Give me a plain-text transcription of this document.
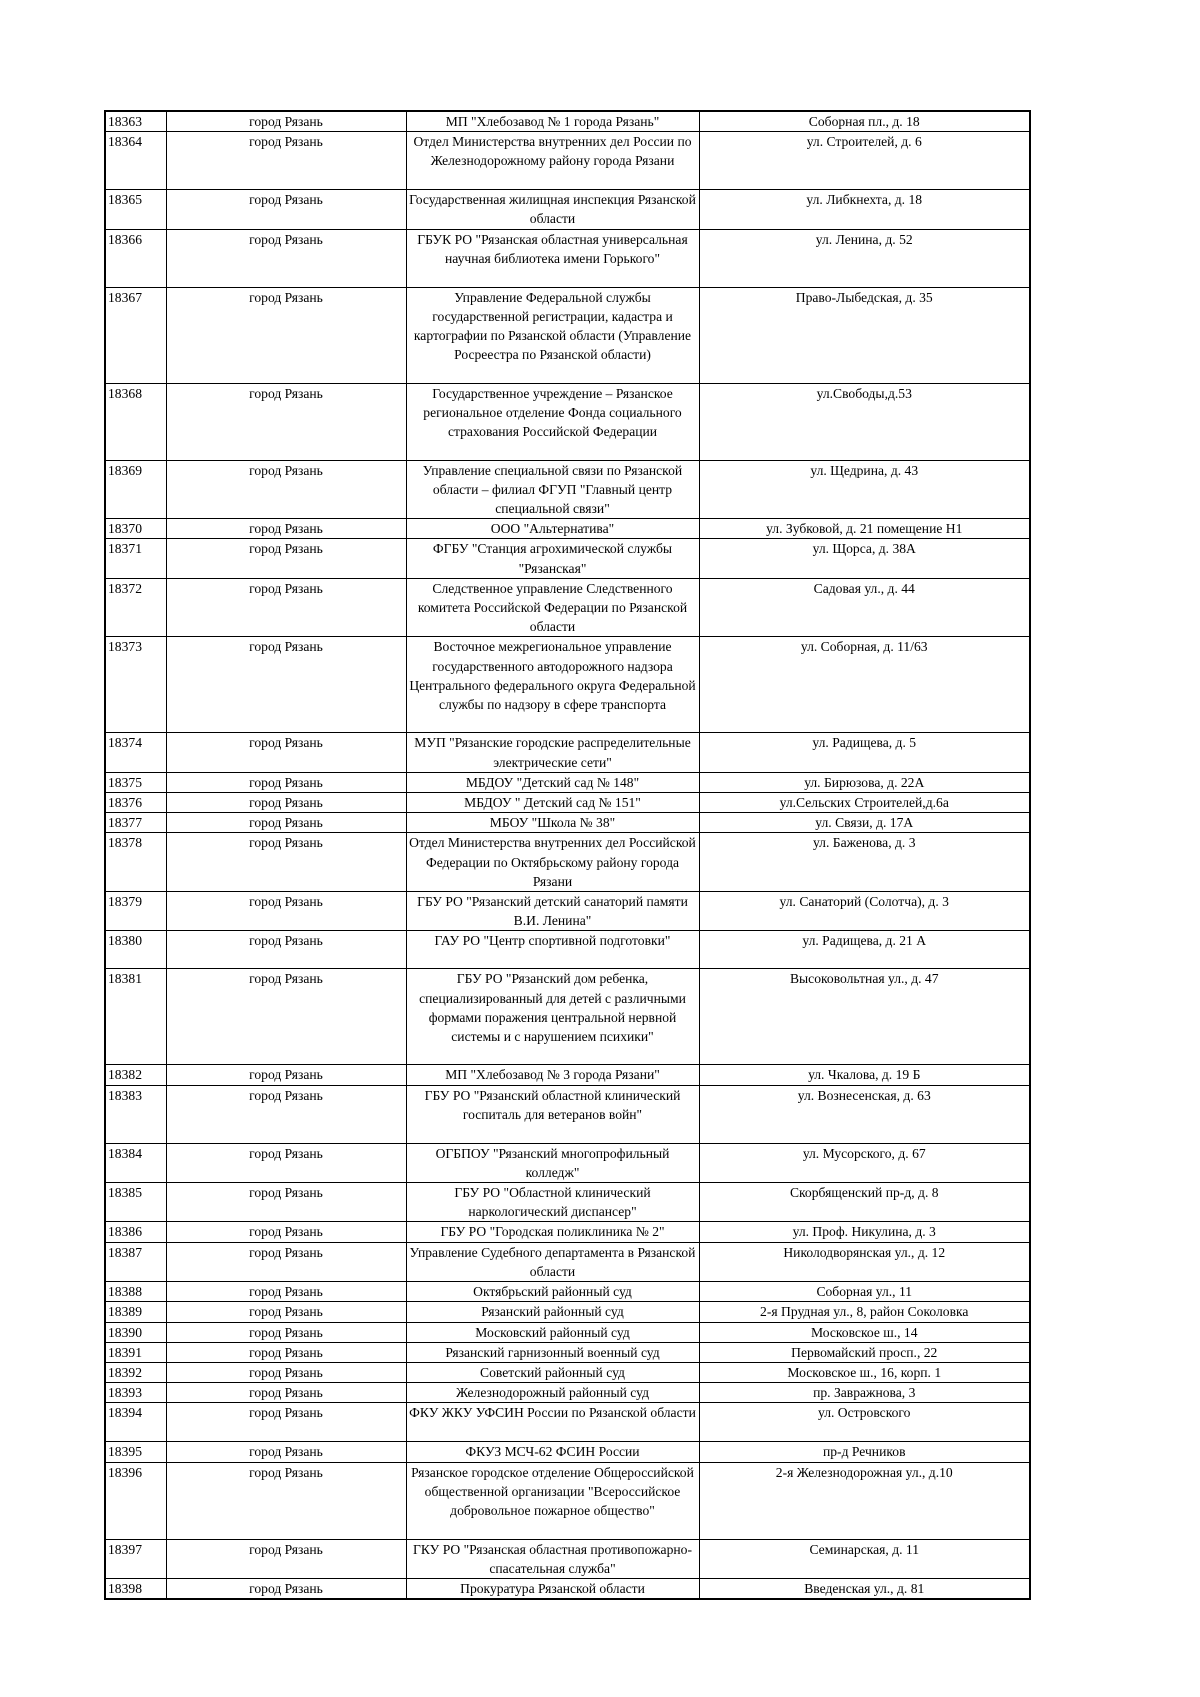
18363	город Рязань	МП "Хлебозавод № 1 города Рязань"	Соборная пл., д. 18
18364	город Рязань	Отдел Министерства внутренних дел России по Железнодорожному району города Рязани	ул. Строителей, д. 6
18365	город Рязань	Государственная жилищная инспекция Рязанской области	ул. Либкнехта, д. 18
18366	город Рязань	ГБУК РО "Рязанская областная универсальная научная библиотека имени Горького"	ул. Ленина, д. 52
18367	город Рязань	Управление Федеральной службы государственной регистрации, кадастра и картографии по Рязанской области (Управление Росреестра по Рязанской области)	Право-Лыбедская, д. 35
18368	город Рязань	Государственное учреждение – Рязанское региональное отделение Фонда социального страхования Российской Федерации	ул.Свободы,д.53
18369	город Рязань	Управление специальной связи по Рязанской области – филиал ФГУП "Главный центр специальной связи"	ул. Щедрина, д. 43
18370	город Рязань	ООО "Альтернатива"	ул. Зубковой, д. 21 помещение Н1
18371	город Рязань	ФГБУ "Станция агрохимической службы "Рязанская"	ул. Щорса, д. 38А
18372	город Рязань	Следственное управление Следственного комитета Российской Федерации по Рязанской области	Садовая ул., д. 44
18373	город Рязань	Восточное межрегиональное управление государственного автодорожного надзора Центрального федерального округа Федеральной службы по надзору в сфере транспорта	ул. Соборная, д. 11/63
18374	город Рязань	МУП "Рязанские городские распределительные электрические сети"	ул. Радищева, д. 5
18375	город Рязань	МБДОУ "Детский сад № 148"	ул. Бирюзова, д. 22А
18376	город Рязань	МБДОУ " Детский сад № 151"	ул.Сельских Строителей,д.6а
18377	город Рязань	МБОУ "Школа № 38"	ул. Связи, д. 17А
18378	город Рязань	Отдел Министерства внутренних дел Российской Федерации по Октябрьскому району города Рязани	ул. Баженова, д. 3
18379	город Рязань	ГБУ РО "Рязанский детский санаторий памяти В.И. Ленина"	ул. Санаторий (Солотча), д. 3
18380	город Рязань	ГАУ РО "Центр спортивной подготовки"	ул. Радищева, д. 21 А
18381	город Рязань	ГБУ РО "Рязанский дом ребенка, специализированный для детей с различными формами поражения центральной нервной системы и с нарушением психики"	Высоковольтная ул., д. 47
18382	город Рязань	МП "Хлебозавод № 3 города Рязани"	ул. Чкалова, д. 19 Б
18383	город Рязань	ГБУ РО "Рязанский областной клинический госпиталь для ветеранов войн"	ул. Вознесенская, д. 63
18384	город Рязань	ОГБПОУ "Рязанский многопрофильный колледж"	ул. Мусорского, д. 67
18385	город Рязань	ГБУ РО "Областной клинический наркологический диспансер"	Скорбященский пр-д, д. 8
18386	город Рязань	ГБУ РО "Городская поликлиника № 2"	ул. Проф. Никулина, д. 3
18387	город Рязань	Управление Судебного департамента в Рязанской области	Николодворянская ул., д. 12
18388	город Рязань	Октябрьский районный суд	Соборная ул., 11
18389	город Рязань	Рязанский районный суд	2-я Прудная ул., 8, район Соколовка
18390	город Рязань	Московский районный суд	Московское ш., 14
18391	город Рязань	Рязанский гарнизонный военный суд	Первомайский просп., 22
18392	город Рязань	Советский районный суд	Московское ш., 16, корп. 1
18393	город Рязань	Железнодорожный районный суд	пр. Завражнова, 3
18394	город Рязань	ФКУ ЖКУ УФСИН России по Рязанской области	ул. Островского
18395	город Рязань	ФКУЗ МСЧ-62 ФСИН России	пр-д Речников
18396	город Рязань	Рязанское городское отделение Общероссийской общественной организации "Всероссийское добровольное пожарное общество"	2-я Железнодорожная ул., д.10
18397	город Рязань	ГКУ РО "Рязанская областная противопожарно-спасательная служба"	Семинарская, д. 11
18398	город Рязань	Прокуратура Рязанской области	Введенская ул., д. 81
